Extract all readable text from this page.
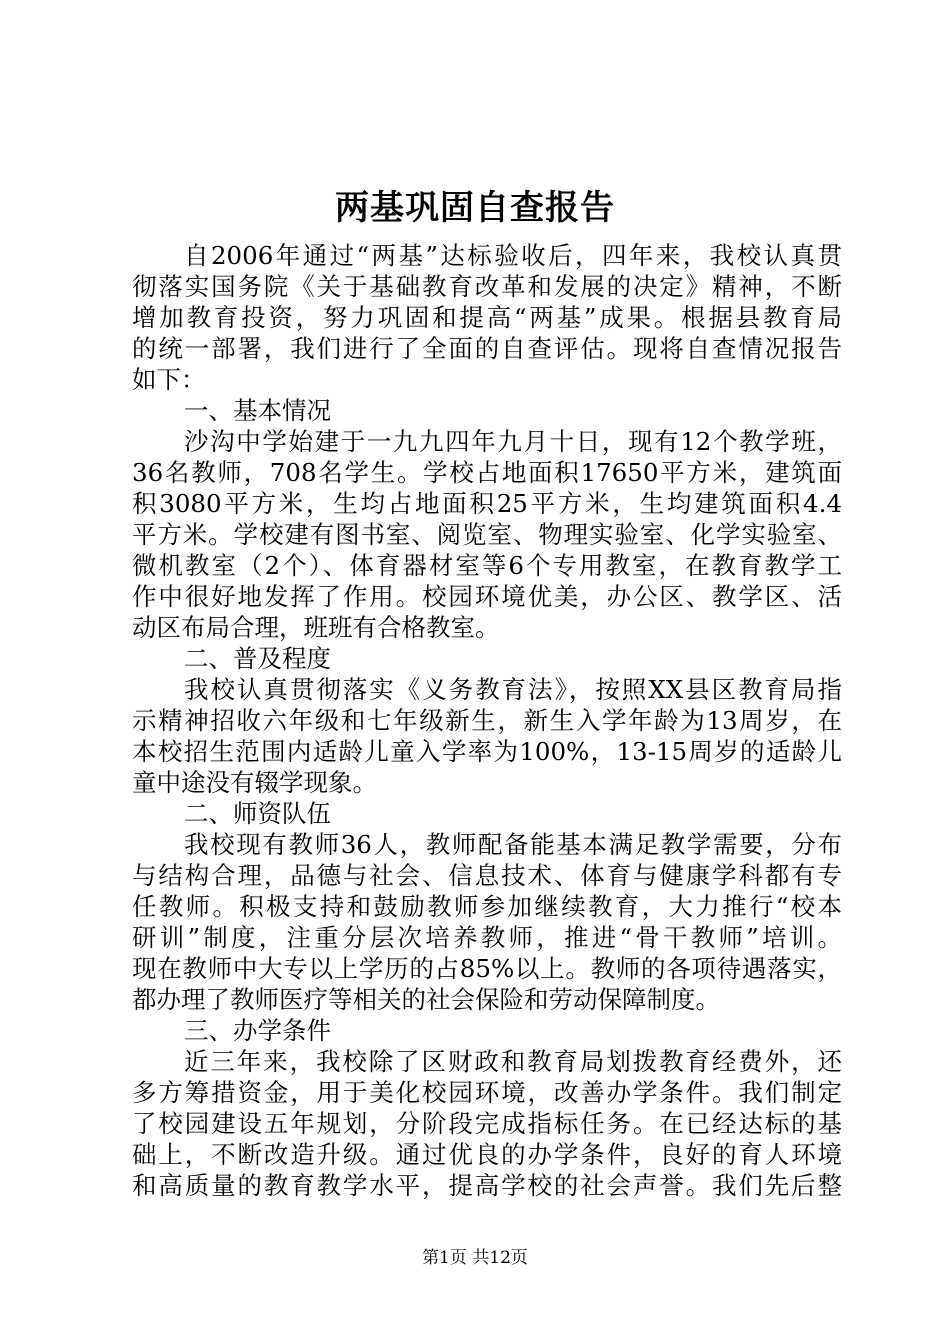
两基巩固自查报告
自2006年通过“两基”达标验收后，四年来，我校认真贯
彻落实国务院《关于基础教育改革和发展的决定》精神，不断
增加教育投资，努力巩固和提高“两基”成果。根据县教育局
的统一部署，我们进行了全面的自查评估。现将自查情况报告
如下：
一、基本情况
沙沟中学始建于一九九四年九月十日，现有12个教学班，
36名教师，708名学生。学校占地面积17650平方米，建筑面
积3080平方米，生均占地面积25平方米，生均建筑面积4.4
平方米。学校建有图书室、阅览室、物理实验室、化学实验室、
微机教室（2个）、体育器材室等6个专用教室，在教育教学工
作中很好地发挥了作用。校园环境优美，办公区、教学区、活
动区布局合理，班班有合格教室。
二、普及程度
我校认真贯彻落实《义务教育法》，按照XX县区教育局指
示精神招收六年级和七年级新生，新生入学年龄为13周岁，在
本校招生范围内适龄儿童入学率为100%，13-15周岁的适龄儿
童中途没有辍学现象。
二、师资队伍
我校现有教师36人，教师配备能基本满足教学需要，分布
与结构合理，品德与社会、信息技术、体育与健康学科都有专
任教师。积极支持和鼓励教师参加继续教育，大力推行“校本
研训”制度，注重分层次培养教师，推进“骨干教师”培训。
现在教师中大专以上学历的占85%以上。教师的各项待遇落实，
都办理了教师医疗等相关的社会保险和劳动保障制度。
三、办学条件
近三年来，我校除了区财政和教育局划拨教育经费外，还
多方筹措资金，用于美化校园环境，改善办学条件。我们制定
了校园建设五年规划，分阶段完成指标任务。在已经达标的基
础上，不断改造升级。通过优良的办学条件，良好的育人环境
和高质量的教育教学水平，提高学校的社会声誉。我们先后整
第1页 共12页
